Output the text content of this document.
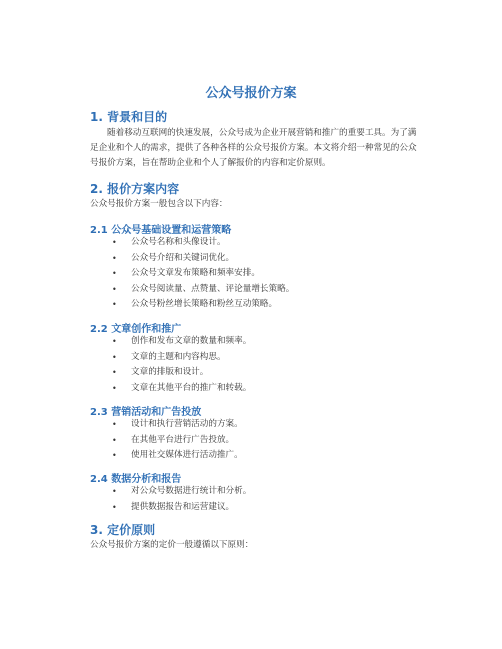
公众号报价方案
1. 背景和目的

随着移动互联网的快速发展，公众号成为企业开展营销和推广的重要工具。为了满足企业和个人的需求，提供了各种各样的公众号报价方案。本文将介绍一种常见的公众号报价方案，旨在帮助企业和个人了解报价的内容和定价原则。

2. 报价方案内容

公众号报价方案一般包含以下内容：

2.1 公众号基础设置和运营策略
• 公众号名称和头像设计。
• 公众号介绍和关键词优化。
• 公众号文章发布策略和频率安排。
• 公众号阅读量、点赞量、评论量增长策略。
• 公众号粉丝增长策略和粉丝互动策略。
2.2 文章创作和推广
• 创作和发布文章的数量和频率。
• 文章的主题和内容构思。
• 文章的排版和设计。
• 文章在其他平台的推广和转载。
2.3 营销活动和广告投放
• 设计和执行营销活动的方案。
• 在其他平台进行广告投放。
• 使用社交媒体进行活动推广。
2.4 数据分析和报告
• 对公众号数据进行统计和分析。
• 提供数据报告和运营建议。
3. 定价原则

公众号报价方案的定价一般遵循以下原则：
